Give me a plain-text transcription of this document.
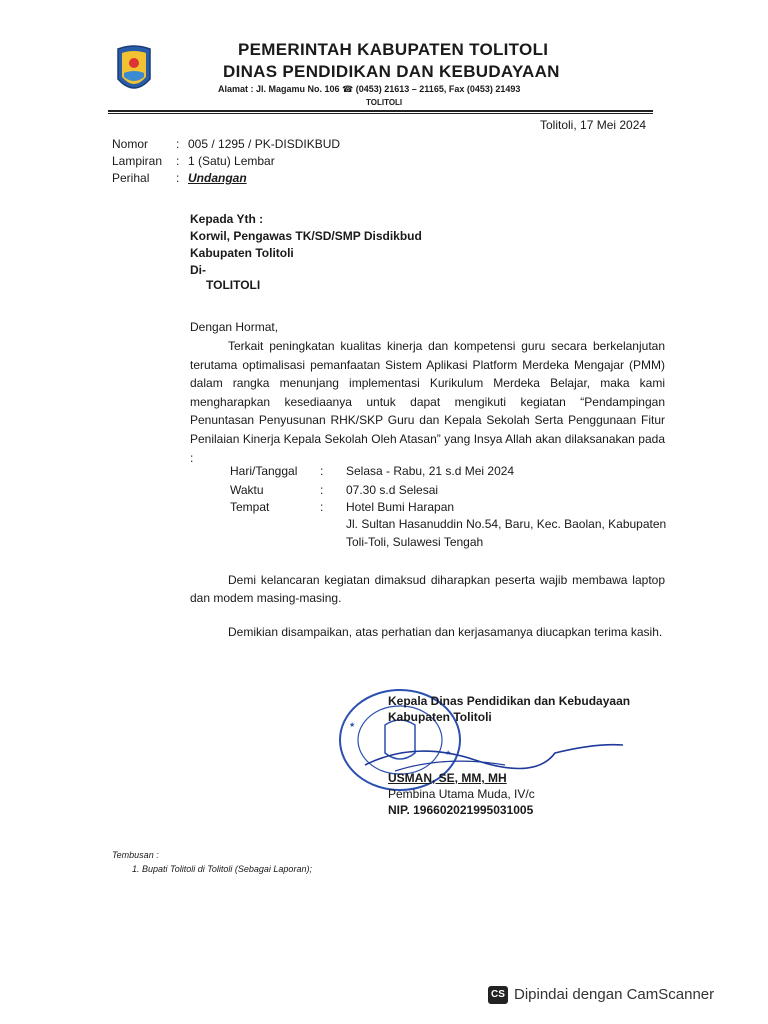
PEMERINTAH KABUPATEN TOLITOLI
DINAS PENDIDIKAN DAN KEBUDAYAAN
Alamat : Jl. Magamu No. 106 ☎ (0453) 21613 – 21165, Fax (0453) 21493
TOLITOLI
Tolitoli, 17 Mei 2024
Nomor : 005 / 1295 / PK-DISDIKBUD
Lampiran : 1 (Satu) Lembar
Perihal : Undangan
Kepada Yth :
Korwil, Pengawas TK/SD/SMP Disdikbud
Kabupaten Tolitoli
Di-
TOLITOLI
Dengan Hormat,
Terkait peningkatan kualitas kinerja dan kompetensi guru secara berkelanjutan terutama optimalisasi pemanfaatan Sistem Aplikasi Platform Merdeka Mengajar (PMM) dalam rangka menunjang implementasi Kurikulum Merdeka Belajar, maka kami mengharapkan kesediaanya untuk dapat mengikuti kegiatan “Pendampingan Penuntasan Penyusunan RHK/SKP Guru dan Kepala Sekolah Serta Penggunaan Fitur Penilaian Kinerja Kepala Sekolah Oleh Atasan” yang Insya Allah akan dilaksanakan pada :
Hari/Tanggal : Selasa - Rabu, 21 s.d Mei 2024
Waktu	: 07.30 s.d Selesai
Tempat	: Hotel Bumi Harapan
Jl. Sultan Hasanuddin No.54, Baru, Kec. Baolan, Kabupaten
Toli-Toli, Sulawesi Tengah
Demi kelancaran kegiatan dimaksud diharapkan peserta wajib membawa laptop dan modem masing-masing.
Demikian disampaikan, atas perhatian dan kerjasamanya diucapkan terima kasih.
★
★
Kepala Dinas Pendidikan dan Kebudayaan
Kabupaten Tolitoli
USMAN, SE, MM, MH
Pembina Utama Muda, IV/c
NIP. 196602021995031005
Tembusan :
1. Bupati Tolitoli di Tolitoli (Sebagai Laporan);
CS Dipindai dengan CamScanner
